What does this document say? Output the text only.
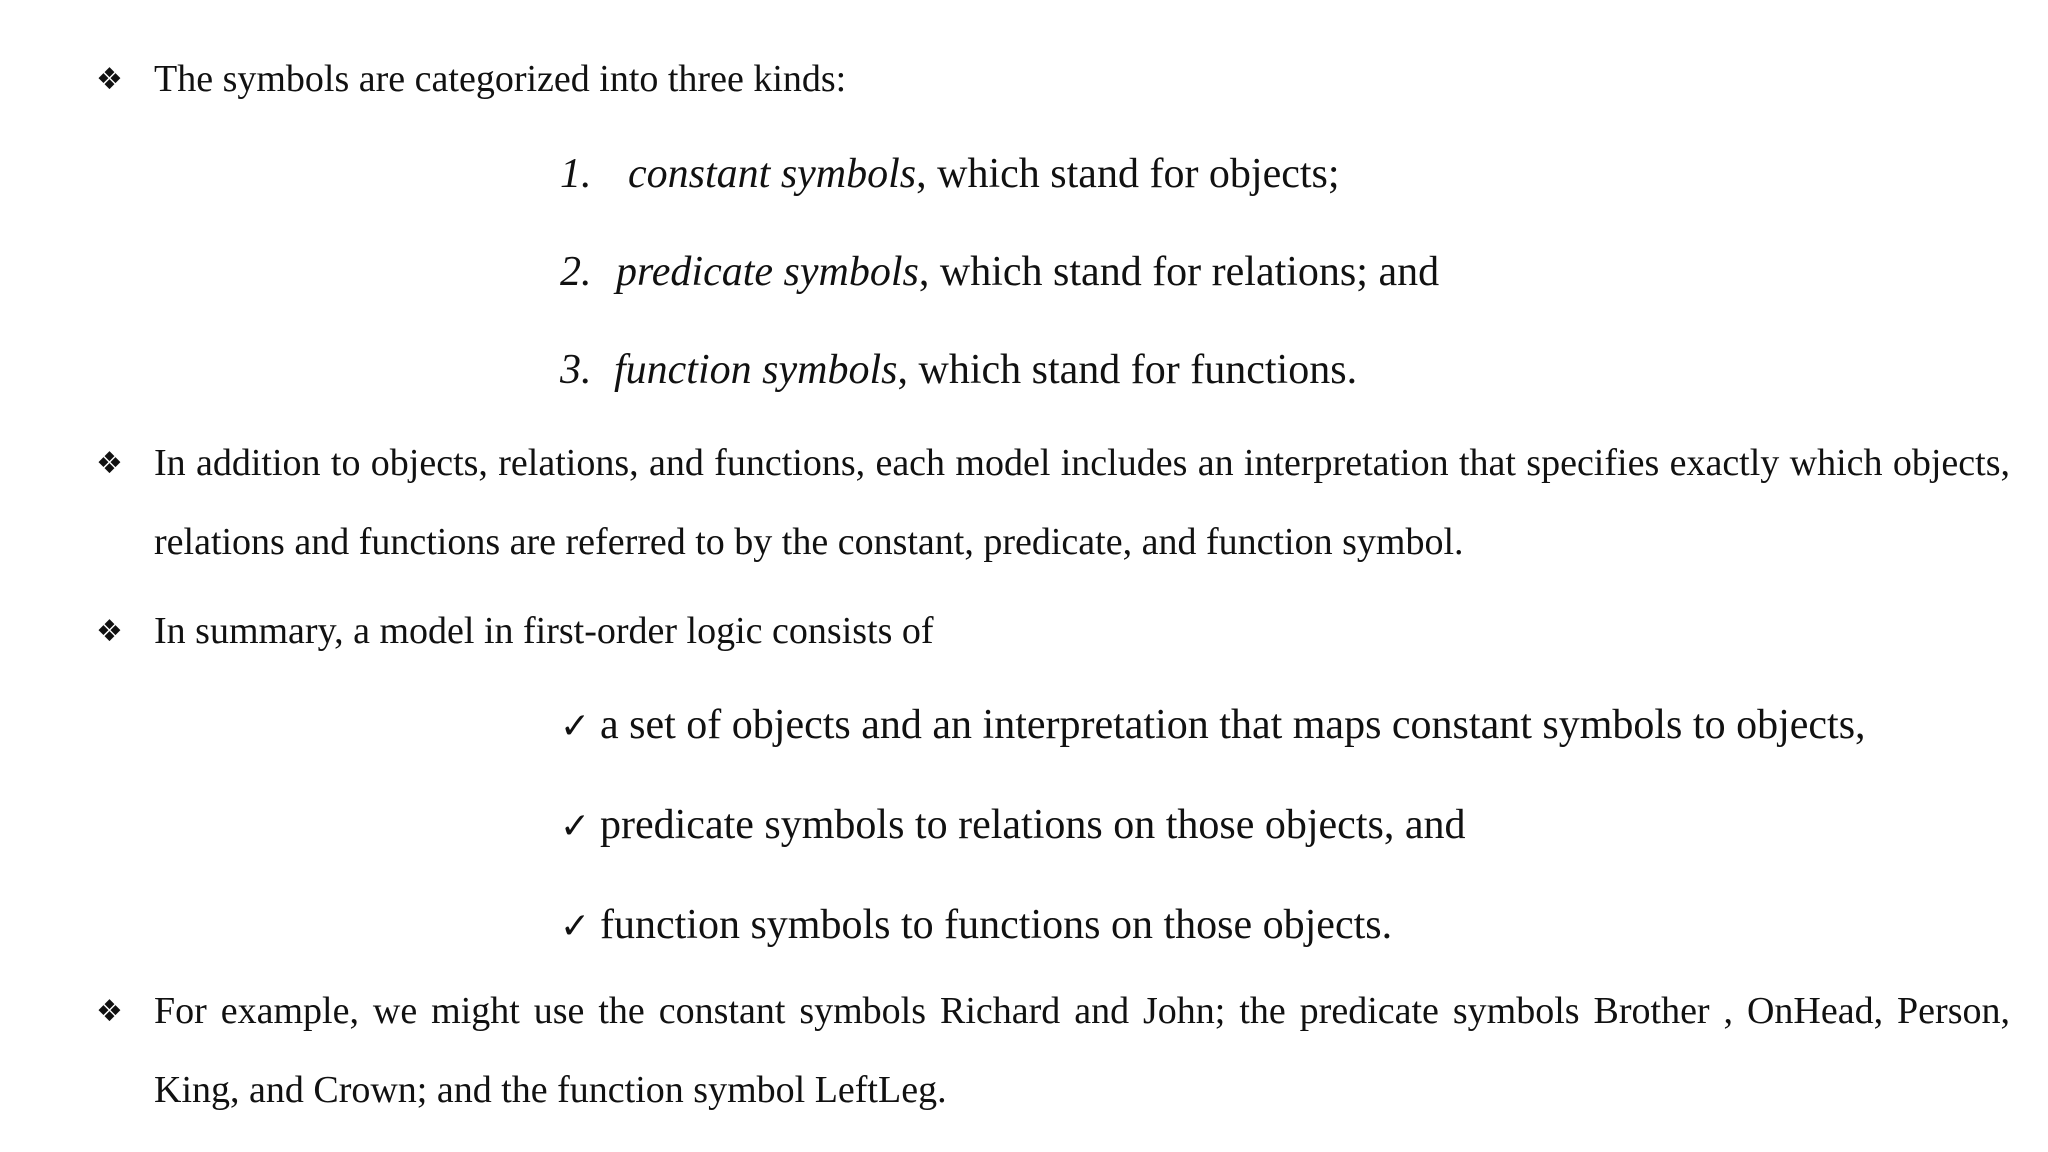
❖ The symbols are categorized into three kinds:
1. constant symbols, which stand for objects;
2. predicate symbols, which stand for relations; and
3. function symbols, which stand for functions.
❖ In addition to objects, relations, and functions, each model includes an interpretation that specifies exactly which objects, relations and functions are referred to by the constant, predicate, and function symbol.
❖ In summary, a model in first-order logic consists of
✓ a set of objects and an interpretation that maps constant symbols to objects,
✓ predicate symbols to relations on those objects, and
✓ function symbols to functions on those objects.
❖ For example, we might use the constant symbols Richard and John; the predicate symbols Brother , OnHead, Person, King, and Crown; and the function symbol LeftLeg.
